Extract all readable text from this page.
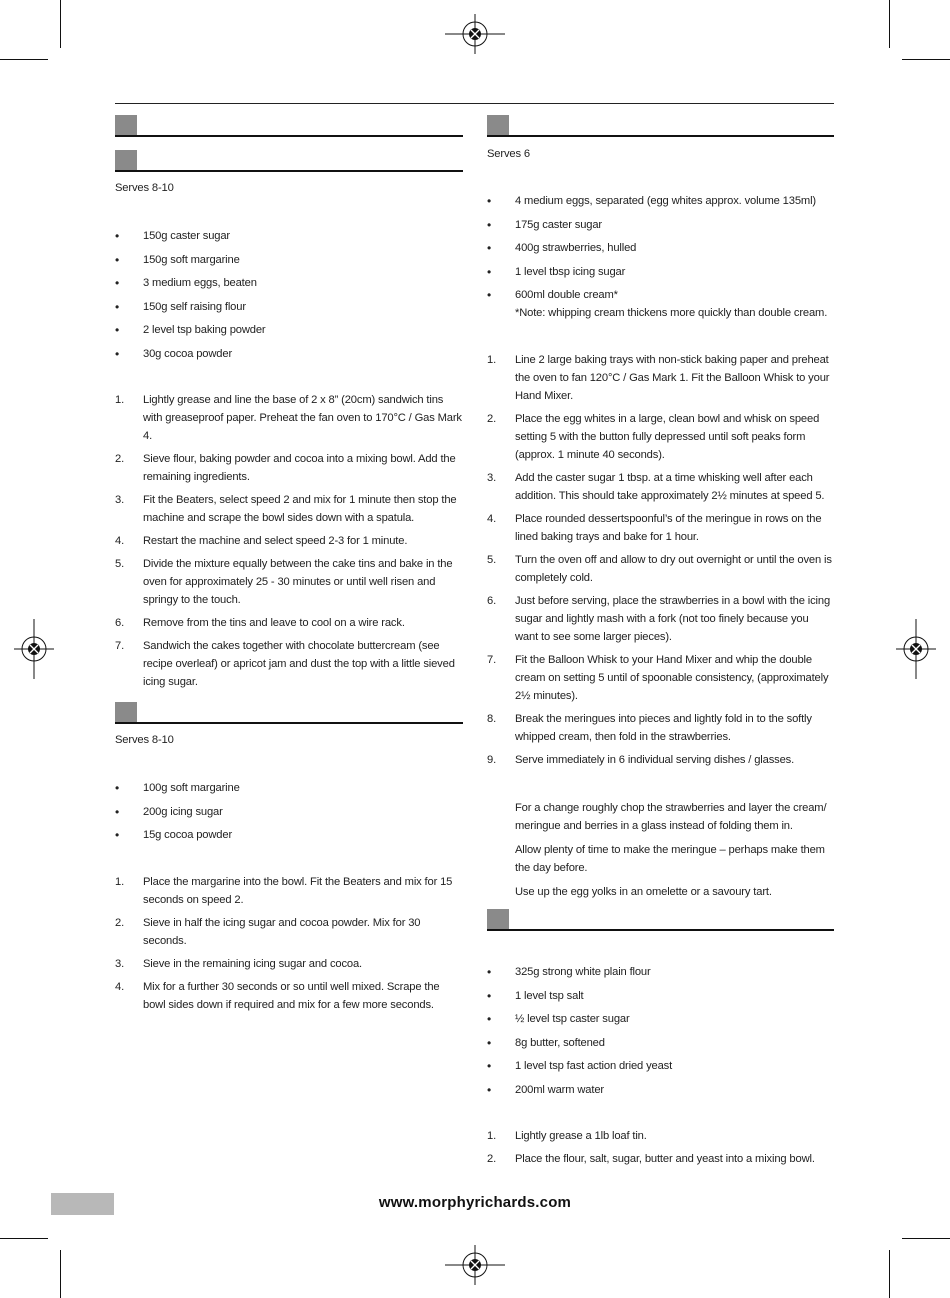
Serves 8-10
• 150g caster sugar
• 150g soft margarine
• 3 medium eggs, beaten
• 150g self raising flour
• 2 level tsp baking powder
• 30g cocoa powder
1. Lightly grease and line the base of 2 x 8” (20cm) sandwich tins with greaseproof paper. Preheat the fan oven to 170°C / Gas Mark 4.
2. Sieve flour, baking powder and cocoa into a mixing bowl. Add the remaining ingredients.
3. Fit the Beaters, select speed 2 and mix for 1 minute then stop the machine and scrape the bowl sides down with a spatula.
4. Restart the machine and select speed 2-3 for 1 minute.
5. Divide the mixture equally between the cake tins and bake in the oven for approximately 25 - 30 minutes or until well risen and springy to the touch.
6. Remove from the tins and leave to cool on a wire rack.
7. Sandwich the cakes together with chocolate buttercream (see recipe overleaf) or apricot jam and dust the top with a little sieved icing sugar.
Serves 8-10
• 100g soft margarine
• 200g icing sugar
• 15g cocoa powder
1. Place the margarine into the bowl. Fit the Beaters and mix for 15 seconds on speed 2.
2. Sieve in half the icing sugar and cocoa powder. Mix for 30 seconds.
3. Sieve in the remaining icing sugar and cocoa.
4. Mix for a further 30 seconds or so until well mixed. Scrape the bowl sides down if required and mix for a few more seconds.
Serves 6
• 4 medium eggs, separated (egg whites approx. volume 135ml)
• 175g caster sugar
• 400g strawberries, hulled
• 1 level tbsp icing sugar
• 600ml double cream*
*Note: whipping cream thickens more quickly than double cream.
1. Line 2 large baking trays with non-stick baking paper and preheat the oven to fan 120°C / Gas Mark 1. Fit the Balloon Whisk to your Hand Mixer.
2. Place the egg whites in a large, clean bowl and whisk on speed setting 5 with the button fully depressed until soft peaks form (approx. 1 minute 40 seconds).
3. Add the caster sugar 1 tbsp. at a time whisking well after each addition. This should take approximately 2½ minutes at speed 5.
4. Place rounded dessertspoonful’s of the meringue in rows on the lined baking trays and bake for 1 hour.
5. Turn the oven off and allow to dry out overnight or until the oven is completely cold.
6. Just before serving, place the strawberries in a bowl with the icing sugar and lightly mash with a fork (not too finely because you want to see some larger pieces).
7. Fit the Balloon Whisk to your Hand Mixer and whip the double cream on setting 5 until of spoonable consistency, (approximately 2½ minutes).
8. Break the meringues into pieces and lightly fold in to the softly whipped cream, then fold in the strawberries.
9. Serve immediately in 6 individual serving dishes / glasses.

For a change roughly chop the strawberries and layer the cream/ meringue and berries in a glass instead of folding them in.

Allow plenty of time to make the meringue – perhaps make them the day before.

Use up the egg yolks in an omelette or a savoury tart.

• 325g strong white plain flour
• 1 level tsp salt
• ½ level tsp caster sugar
• 8g butter, softened
• 1 level tsp fast action dried yeast
• 200ml warm water
1. Lightly grease a 1lb loaf tin.
2. Place the flour, salt, sugar, butter and yeast into a mixing bowl.
www.morphyrichards.com
